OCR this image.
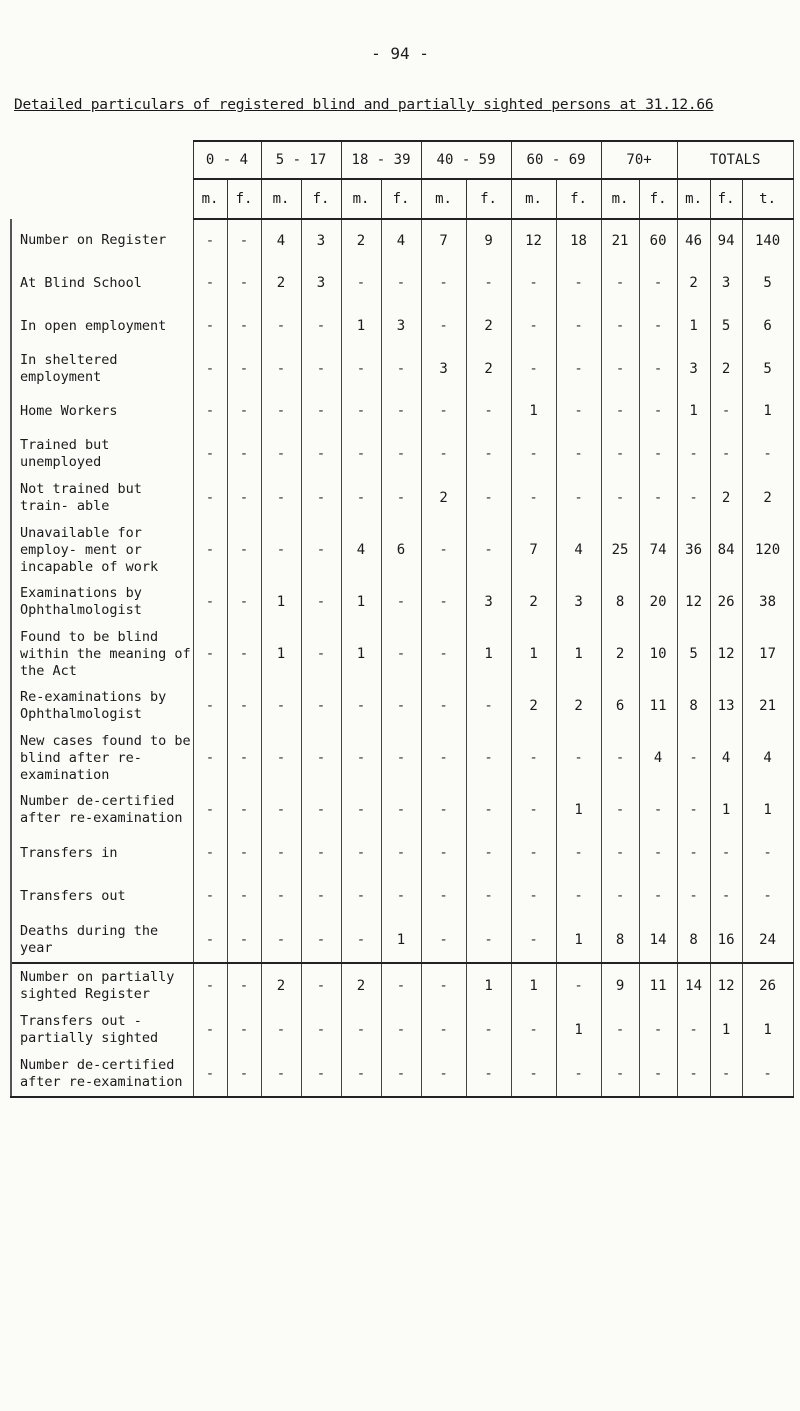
- 94 -
Detailed particulars of registered blind and partially sighted persons at 31.12.66
	0 - 4		5 - 17		18 - 39		40 - 59		60 - 69		70+		TOTALS		
	m.	f.	m.	f.	m.	f.	m.	f.	m.	f.	m.	f.	m.	f.	t.
Number on Register	-	-	4	3	2	4	7	9	12	18	21	60	46	94	140
At Blind School	-	-	2	3	-	-	-	-	-	-	-	-	2	3	5
In open employment	-	-	-	-	1	3	-	2	-	-	-	-	1	5	6
In sheltered employment	-	-	-	-	-	-	3	2	-	-	-	-	3	2	5
Home Workers	-	-	-	-	-	-	-	-	1	-	-	-	1	-	1
Trained but unemployed	-	-	-	-	-	-	-	-	-	-	-	-	-	-	-
Not trained but train- able	-	-	-	-	-	-	2	-	-	-	-	-	-	2	2
Unavailable for employ- ment or incapable of work	-	-	-	-	4	6	-	-	7	4	25	74	36	84	120
Examinations by Ophthalmologist	-	-	1	-	1	-	-	3	2	3	8	20	12	26	38
Found to be blind within the meaning of the Act	-	-	1	-	1	-	-	1	1	1	2	10	5	12	17
Re-examinations by Ophthalmologist	-	-	-	-	-	-	-	-	2	2	6	11	8	13	21
New cases found to be blind after re- examination	-	-	-	-	-	-	-	-	-	-	-	4	-	4	4
Number de-certified after re-examination	-	-	-	-	-	-	-	-	-	1	-	-	-	1	1
Transfers in	-	-	-	-	-	-	-	-	-	-	-	-	-	-	-
Transfers out	-	-	-	-	-	-	-	-	-	-	-	-	-	-	-
Deaths during the year	-	-	-	-	-	1	-	-	-	1	8	14	8	16	24
Number on partially sighted Register	-	-	2	-	2	-	-	1	1	-	9	11	14	12	26
Transfers out - partially sighted	-	-	-	-	-	-	-	-	-	1	-	-	-	1	1
Number de-certified after re-examination	-	-	-	-	-	-	-	-	-	-	-	-	-	-	-
